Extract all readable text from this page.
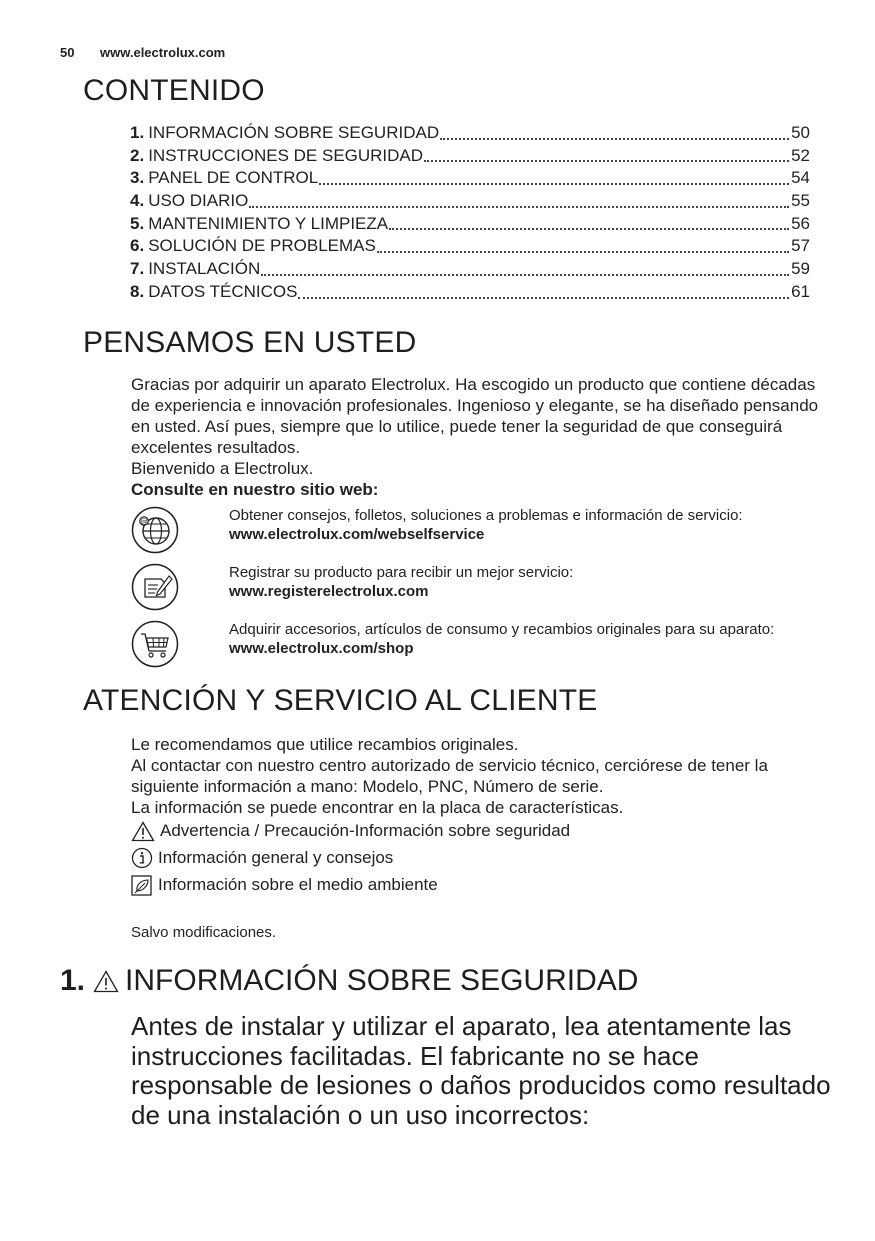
50 www.electrolux.com
CONTENIDO
1. INFORMACIÓN SOBRE SEGURIDAD	50
2. INSTRUCCIONES DE SEGURIDAD	52
3. PANEL DE CONTROL	54
4. USO DIARIO	55
5. MANTENIMIENTO Y LIMPIEZA	56
6. SOLUCIÓN DE PROBLEMAS	57
7. INSTALACIÓN	59
8. DATOS TÉCNICOS	61
PENSAMOS EN USTED

Gracias por adquirir un aparato Electrolux. Ha escogido un producto que contiene décadas de experiencia e innovación profesionales. Ingenioso y elegante, se ha diseñado pensando en usted. Así pues, siempre que lo utilice, puede tener la seguridad de que conseguirá excelentes resultados.

Bienvenido a Electrolux.

Consulte en nuestro sitio web:

@	Obtener consejos, folletos, soluciones a problemas e información de servicio:
www.electrolux.com/webselfservice
Registrar su producto para recibir un mejor servicio:
www.registerelectrolux.com
Adquirir accesorios, artículos de consumo y recambios originales para su aparato:
www.electrolux.com/shop
ATENCIÓN Y SERVICIO AL CLIENTE

Le recomendamos que utilice recambios originales.

Al contactar con nuestro centro autorizado de servicio técnico, cerciórese de tener la siguiente información a mano: Modelo, PNC, Número de serie.

La información se puede encontrar en la placa de características.

Advertencia / Precaución-Información sobre seguridad
Información general y consejos
Información sobre el medio ambiente
Salvo modificaciones.
1. INFORMACIÓN SOBRE SEGURIDAD
Antes de instalar y utilizar el aparato, lea atentamente las instrucciones facilitadas. El fabricante no se hace responsable de lesiones o daños producidos como resultado de una instalación o un uso incorrectos:
